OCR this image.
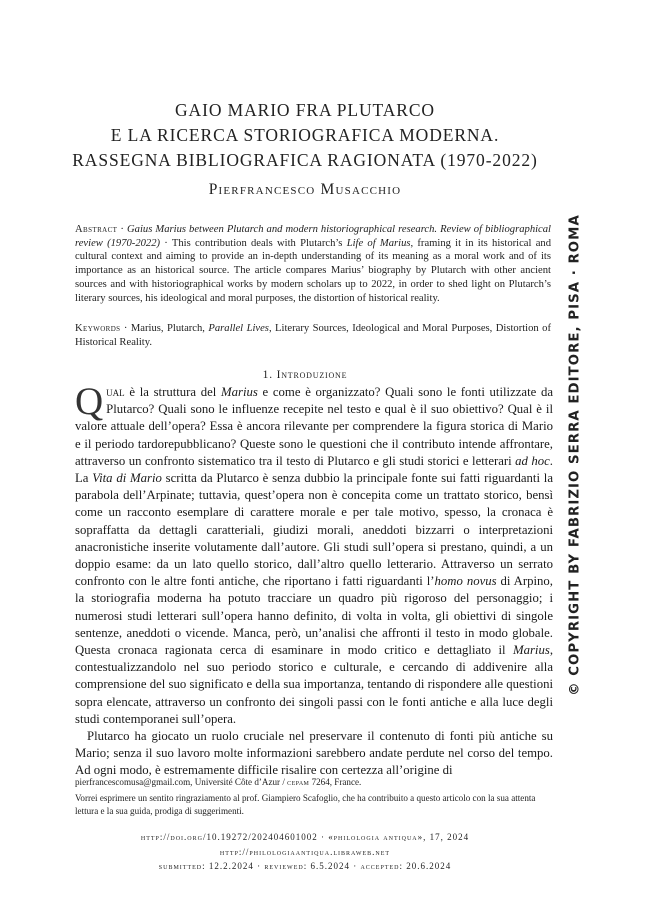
GAIO MARIO FRA PLUTARCO
E LA RICERCA STORIOGRAFICA MODERNA.
RASSEGNA BIBLIOGRAFICA RAGIONATA (1970-2022)
Pierfrancesco Musacchio
Abstract · Gaius Marius between Plutarch and modern historiographical research. Review of bibliographical review (1970-2022) · This contribution deals with Plutarch’s Life of Marius, framing it in its historical and cultural context and aiming to provide an in-depth understanding of its meaning as a moral work and of its importance as an historical source. The article compares Marius’ biography by Plutarch with other ancient sources and with historiographical works by modern scholars up to 2022, in order to shed light on Plutarch’s literary sources, his ideological and moral purposes, the distortion of historical reality.
Keywords · Marius, Plutarch, Parallel Lives, Literary Sources, Ideological and Moral Purposes, Distortion of Historical Reality.
1. Introduzione

Qual è la struttura del Marius e come è organizzato? Quali sono le fonti utilizzate da Plutarco? Quali sono le influenze recepite nel testo e qual è il suo obiettivo? Qual è il valore attuale dell’opera? Essa è ancora rilevante per comprendere la figura storica di Mario e il periodo tardorepubblicano? Queste sono le questioni che il contributo intende affrontare, attraverso un confronto sistematico tra il testo di Plutarco e gli studi storici e letterari ad hoc. La Vita di Mario scritta da Plutarco è senza dubbio la principale fonte sui fatti riguardanti la parabola dell’Arpinate; tuttavia, quest’opera non è concepita come un trattato storico, bensì come un racconto esemplare di carattere morale e per tale motivo, spesso, la cronaca è sopraffatta da dettagli caratteriali, giudizi morali, aneddoti bizzarri o interpretazioni anacronistiche inserite volutamente dall’autore. Gli studi sull’opera si prestano, quindi, a un doppio esame: da un lato quello storico, dall’altro quello letterario. Attraverso un serrato confronto con le altre fonti antiche, che riportano i fatti riguardanti l’homo novus di Arpino, la storiografia moderna ha potuto tracciare un quadro più rigoroso del personaggio; i numerosi studi letterari sull’opera hanno definito, di volta in volta, gli obiettivi di singole sentenze, aneddoti o vicende. Manca, però, un’analisi che affronti il testo in modo globale. Questa cronaca ragionata cerca di esaminare in modo critico e dettagliato il Marius, contestualizzandolo nel suo periodo storico e culturale, e cercando di addivenire alla comprensione del suo significato e della sua importanza, tentando di rispondere alle questioni sopra elencate, attraverso un confronto dei singoli passi con le fonti antiche e alla luce degli studi contemporanei sull’opera.

Plutarco ha giocato un ruolo cruciale nel preservare il contenuto di fonti più antiche su Mario; senza il suo lavoro molte informazioni sarebbero andate perdute nel corso del tempo. Ad ogni modo, è estremamente difficile risalire con certezza all’origine di

pierfrancescomusa@gmail.com, Université Côte d’Azur / cepam 7264, France.

Vorrei esprimere un sentito ringraziamento al prof. Giampiero Scafoglio, che ha contribuito a questo articolo con la sua attenta lettura e la sua guida, prodiga di suggerimenti.

http://doi.org/10.19272/202404601002 · «philologia antiqua», 17, 2024
http://philologiaantiqua.libraweb.net
submitted: 12.2.2024 · reviewed: 6.5.2024 · accepted: 20.6.2024
© COPYRIGHT BY FABRIZIO SERRA EDITORE, PISA · ROMA
